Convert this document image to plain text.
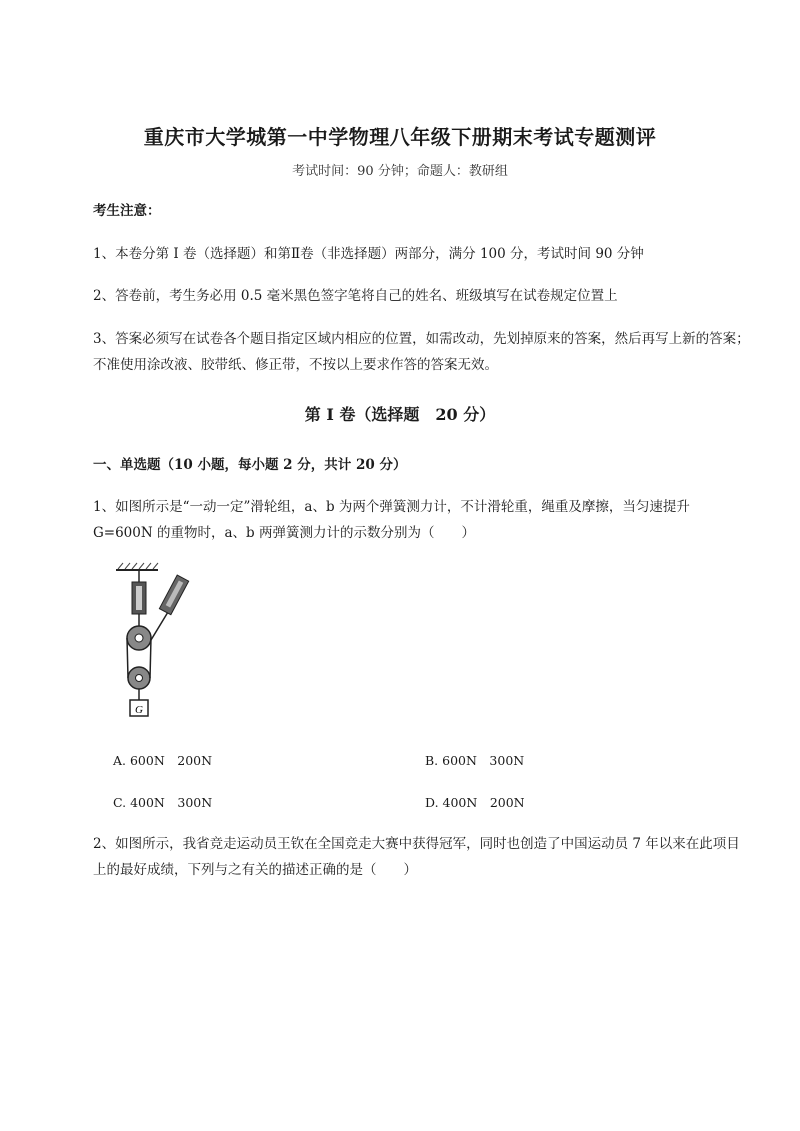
重庆市大学城第一中学物理八年级下册期末考试专题测评
考试时间：90 分钟；命题人：教研组
考生注意：
1、本卷分第 I 卷（选择题）和第Ⅱ卷（非选择题）两部分，满分 100 分，考试时间 90 分钟
2、答卷前，考生务必用 0.5 毫米黑色签字笔将自己的姓名、班级填写在试卷规定位置上
3、答案必须写在试卷各个题目指定区域内相应的位置，如需改动，先划掉原来的答案，然后再写上新的答案；不准使用涂改液、胶带纸、修正带，不按以上要求作答的答案无效。
第 I 卷（选择题　20 分）
一、单选题（10 小题，每小题 2 分，共计 20 分）
1、如图所示是“一动一定”滑轮组，a、b 为两个弹簧测力计，不计滑轮重，绳重及摩擦，当匀速提升 G=600N 的重物时，a、b 两弹簧测力计的示数分别为（　　）
G
A. 600N　200N	B. 600N　300N
C. 400N　300N	D. 400N　200N
2、如图所示，我省竞走运动员王钦在全国竞走大赛中获得冠军，同时也创造了中国运动员 7 年以来在此项目上的最好成绩，下列与之有关的描述正确的是（　　）
